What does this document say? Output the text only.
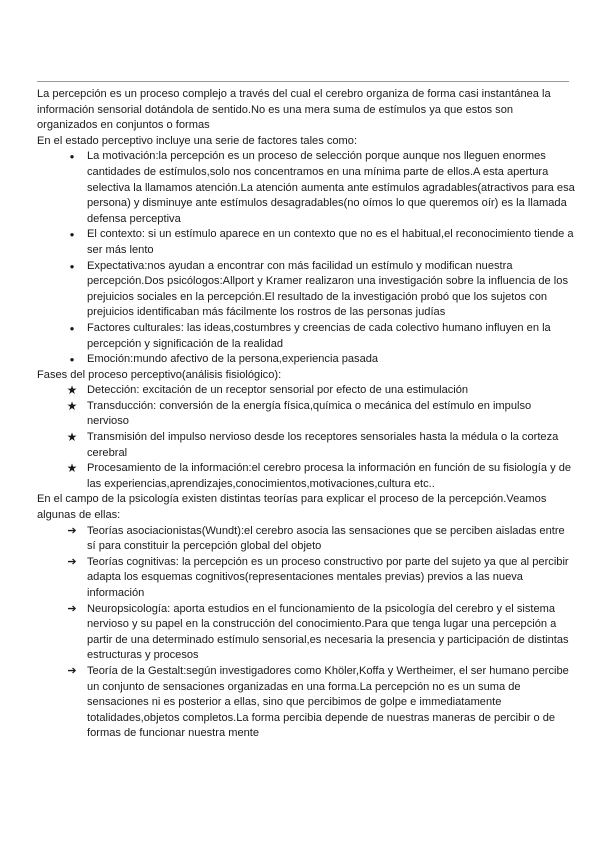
La percepción es un proceso complejo a través del cual el cerebro organiza de forma casi instantánea la información sensorial dotándola de sentido.No es una mera suma de estímulos ya que estos son organizados en conjuntos o formas

En el estado perceptivo incluye una serie de factores tales como:

●	La motivación:la percepción es un proceso de selección porque aunque nos lleguen enormes cantidades de estímulos,solo nos concentramos en una mínima parte de ellos.A esta apertura selectiva la llamamos atención.La atención aumenta ante estímulos agradables(atractivos para esa persona) y disminuye ante estímulos desagradables(no oímos lo que queremos oír) es la llamada defensa perceptiva
●	El contexto: si un estímulo aparece en un contexto que no es el habitual,el reconocimiento tiende a ser más lento
●	Expectativa:nos ayudan a encontrar con más facilidad un estímulo y modifican nuestra percepción.Dos psicólogos:Allport y Kramer realizaron una investigación sobre la influencia de los prejuicios sociales en la percepción.El resultado de la investigación probó que los sujetos con prejuicios identificaban más fácilmente los rostros de las personas judías
●	Factores culturales: las ideas,costumbres y creencias de cada colectivo humano influyen en la percepción y significación de la realidad
●	Emoción:mundo afectivo de la persona,experiencia pasada

Fases del proceso perceptivo(análisis fisiológico):

★ Detección: excitación de un receptor sensorial por efecto de una estimulación
★ Transducción: conversión de la energía física,química o mecánica del estímulo en impulso nervioso
★ Transmisión del impulso nervioso desde los receptores sensoriales hasta la médula o la corteza cerebral
★ Procesamiento de la información:el cerebro procesa la información en función de su fisiología y de las experiencias,aprendizajes,conocimientos,motivaciones,cultura etc..

En el campo de la psicología existen distintas teorías para explicar el proceso de la percepción.Veamos algunas de ellas:

➔ Teorías asociacionistas(Wundt):el cerebro asocia las sensaciones que se perciben aisladas entre sí para constituir la percepción global del objeto
➔ Teorías cognitivas: la percepción es un proceso constructivo por parte del sujeto ya que al percibir adapta los esquemas cognitivos(representaciones mentales previas) previos a las nueva información
➔ Neuropsicología: aporta estudios en el funcionamiento de la psicología del cerebro y el sistema nervioso y su papel en la construcción del conocimiento.Para que tenga lugar una percepción a partir de una determinado estímulo sensorial,es necesaria la presencia y participación de distintas estructuras y procesos
➔ Teoría de la Gestalt:según investigadores como Khöler,Koffa y Wertheimer, el ser humano percibe un conjunto de sensaciones organizadas en una forma.La percepción no es un suma de sensaciones ni es posterior a ellas, sino que percibimos de golpe e immediatamente totalidades,objetos completos.La forma percibia depende de nuestras maneras de percibir o de formas de funcionar nuestra mente
